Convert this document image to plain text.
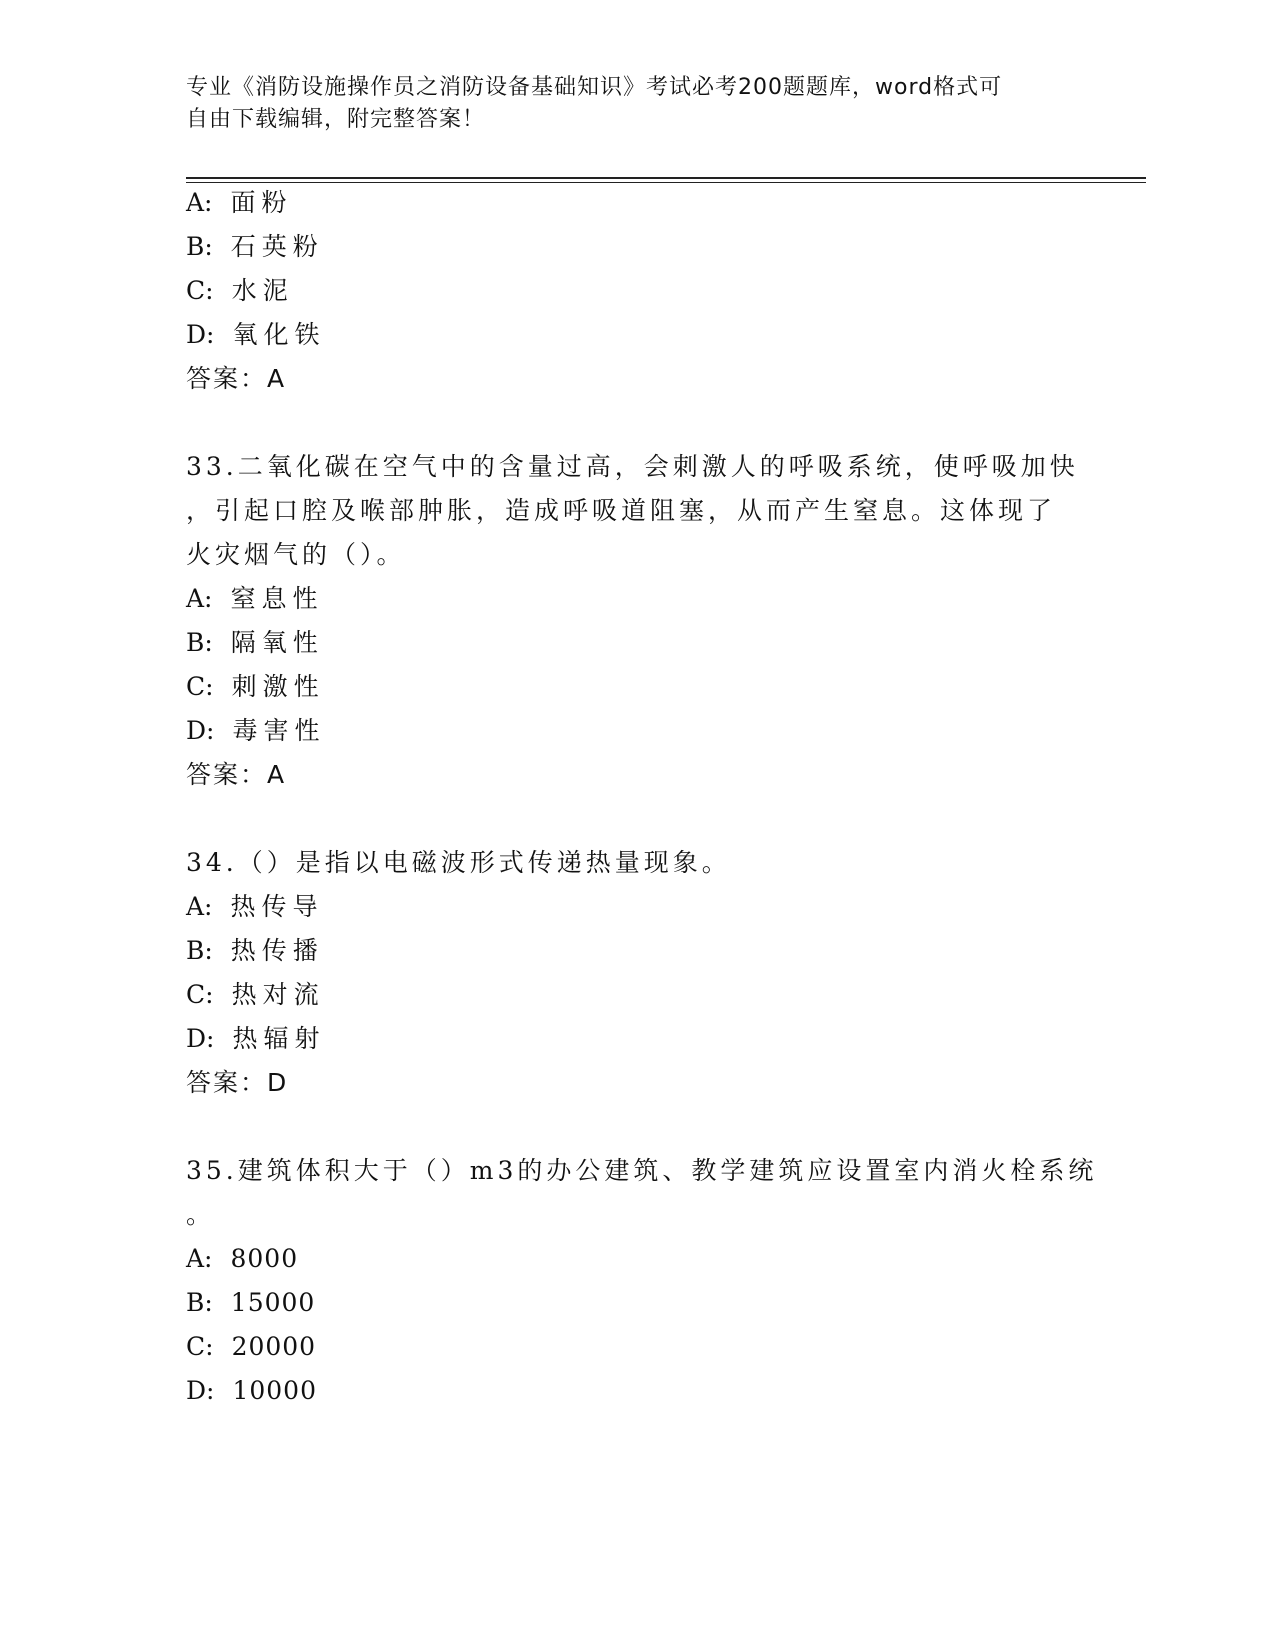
专业《消防设施操作员之消防设备基础知识》考试必考200题题库，word格式可
自由下载编辑，附完整答案！
A: 面粉
B: 石英粉
C: 水泥
D: 氧化铁
答案：A
33.二氧化碳在空气中的含量过高，会刺激人的呼吸系统，使呼吸加快
，引起口腔及喉部肿胀，造成呼吸道阻塞，从而产生窒息。这体现了
火灾烟气的（）。
A: 窒息性
B: 隔氧性
C: 刺激性
D: 毒害性
答案：A
34.（）是指以电磁波形式传递热量现象。
A: 热传导
B: 热传播
C: 热对流
D: 热辐射
答案：D
35.建筑体积大于（）m3的办公建筑、教学建筑应设置室内消火栓系统
。
A: 8000
B: 15000
C: 20000
D: 10000
